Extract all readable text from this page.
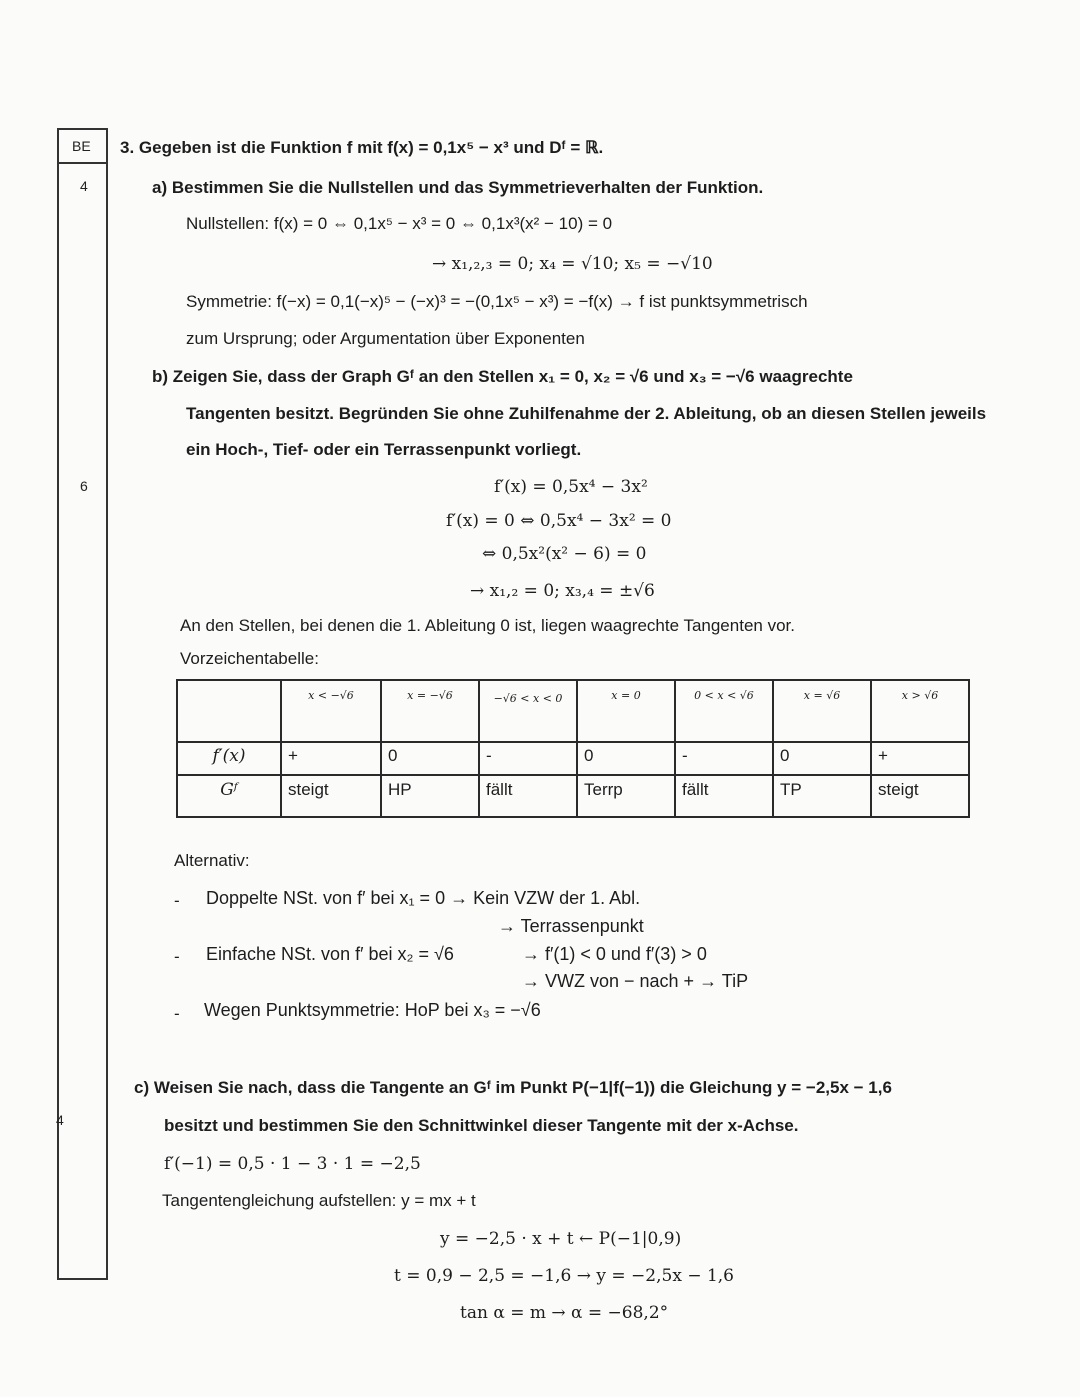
BE
4
6
4
3. Gegeben ist die Funktion f mit f(x) = 0,1x⁵ − x³ und Dᶠ = ℝ.
a) Bestimmen Sie die Nullstellen und das Symmetrieverhalten der Funktion.
Nullstellen: f(x) = 0 ⇔ 0,1x⁵ − x³ = 0 ⇔ 0,1x³(x² − 10) = 0
→ x₁,₂,₃ = 0; x₄ = √10; x₅ = −√10
Symmetrie: f(−x) = 0,1(−x)⁵ − (−x)³ = −(0,1x⁵ − x³) = −f(x) → f ist punktsymmetrisch
zum Ursprung; oder Argumentation über Exponenten
b) Zeigen Sie, dass der Graph Gᶠ an den Stellen x₁ = 0, x₂ = √6 und x₃ = −√6 waagrechte
Tangenten besitzt. Begründen Sie ohne Zuhilfenahme der 2. Ableitung, ob an diesen Stellen jeweils
ein Hoch-, Tief- oder ein Terrassenpunkt vorliegt.
f′(x) = 0,5x⁴ − 3x²
f′(x) = 0 ⇔ 0,5x⁴ − 3x² = 0
⇔ 0,5x²(x² − 6) = 0
→ x₁,₂ = 0; x₃,₄ = ±√6
An den Stellen, bei denen die 1. Ableitung 0 ist, liegen waagrechte Tangenten vor.
Vorzeichentabelle:
	x < −√6	x = −√6	−√6 < x < 0	x = 0	0 < x < √6	x = √6	x > √6
f′(x)	+	0	-	0	-	0	+
Gᶠ	steigt	HP	fällt	Terrp	fällt	TP	steigt
Alternativ:
- Doppelte NSt. von f′ bei x₁ = 0 → Kein VZW der 1. Abl.
→ Terrassenpunkt
- Einfache NSt. von f′ bei x₂ = √6	→ f′(1) < 0 und f′(3) > 0
→ VWZ von − nach + → TiP
- Wegen Punktsymmetrie: HoP bei x₃ = −√6
c) Weisen Sie nach, dass die Tangente an Gᶠ im Punkt P(−1|f(−1)) die Gleichung y = −2,5x − 1,6
besitzt und bestimmen Sie den Schnittwinkel dieser Tangente mit der x-Achse.
f′(−1) = 0,5 · 1 − 3 · 1 = −2,5
Tangentengleichung aufstellen: y = mx + t
y = −2,5 · x + t ← P(−1|0,9)
t = 0,9 − 2,5 = −1,6 → y = −2,5x − 1,6
tan α = m → α = −68,2°
